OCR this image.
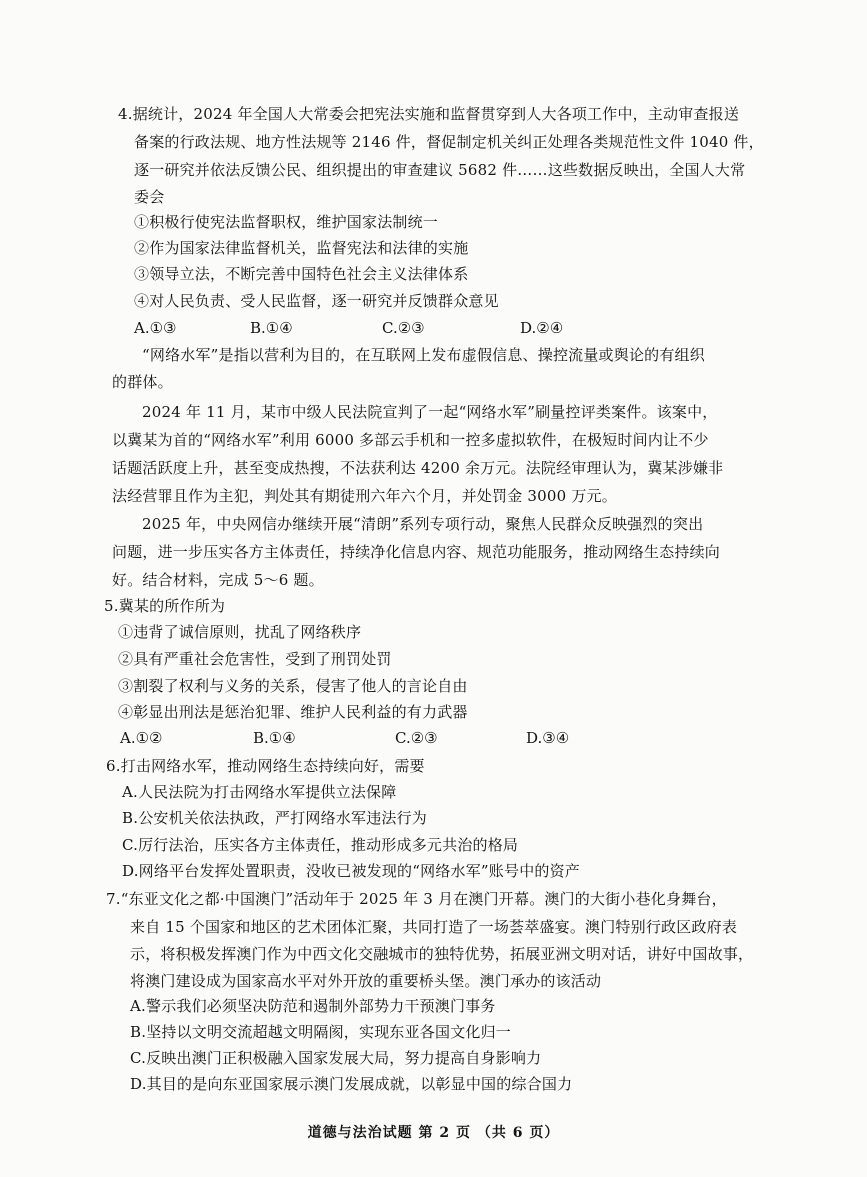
4.据统计，2024 年全国人大常委会把宪法实施和监督贯穿到人大各项工作中，主动审查报送
备案的行政法规、地方性法规等 2146 件，督促制定机关纠正处理各类规范性文件 1040 件，
逐一研究并依法反馈公民、组织提出的审查建议 5682 件……这些数据反映出，全国人大常
委会
①积极行使宪法监督职权，维护国家法制统一
②作为国家法律监督机关，监督宪法和法律的实施
③领导立法，不断完善中国特色社会主义法律体系
④对人民负责、受人民监督，逐一研究并反馈群众意见
A.①③	B.①④	C.②③	D.②④
“网络水军”是指以营利为目的，在互联网上发布虚假信息、操控流量或舆论的有组织
的群体。
2024 年 11 月，某市中级人民法院宣判了一起“网络水军”刷量控评类案件。该案中，
以冀某为首的“网络水军”利用 6000 多部云手机和一控多虚拟软件，在极短时间内让不少
话题活跃度上升，甚至变成热搜，不法获利达 4200 余万元。法院经审理认为，冀某涉嫌非
法经营罪且作为主犯，判处其有期徒刑六年六个月，并处罚金 3000 万元。
2025 年，中央网信办继续开展“清朗”系列专项行动，聚焦人民群众反映强烈的突出
问题，进一步压实各方主体责任，持续净化信息内容、规范功能服务，推动网络生态持续向
好。结合材料，完成 5～6 题。
5.冀某的所作所为
①违背了诚信原则，扰乱了网络秩序
②具有严重社会危害性，受到了刑罚处罚
③割裂了权利与义务的关系，侵害了他人的言论自由
④彰显出刑法是惩治犯罪、维护人民利益的有力武器
A.①②	B.①④	C.②③	D.③④
6.打击网络水军，推动网络生态持续向好，需要
A.人民法院为打击网络水军提供立法保障
B.公安机关依法执政，严打网络水军违法行为
C.厉行法治，压实各方主体责任，推动形成多元共治的格局
D.网络平台发挥处置职责，没收已被发现的“网络水军”账号中的资产
7.“东亚文化之都·中国澳门”活动年于 2025 年 3 月在澳门开幕。澳门的大街小巷化身舞台，
来自 15 个国家和地区的艺术团体汇聚，共同打造了一场荟萃盛宴。澳门特别行政区政府表
示，将积极发挥澳门作为中西文化交融城市的独特优势，拓展亚洲文明对话，讲好中国故事，
将澳门建设成为国家高水平对外开放的重要桥头堡。澳门承办的该活动
A.警示我们必须坚决防范和遏制外部势力干预澳门事务
B.坚持以文明交流超越文明隔阂，实现东亚各国文化归一
C.反映出澳门正积极融入国家发展大局，努力提高自身影响力
D.其目的是向东亚国家展示澳门发展成就，以彰显中国的综合国力
道德与法治试题 第 2 页 （共 6 页）
